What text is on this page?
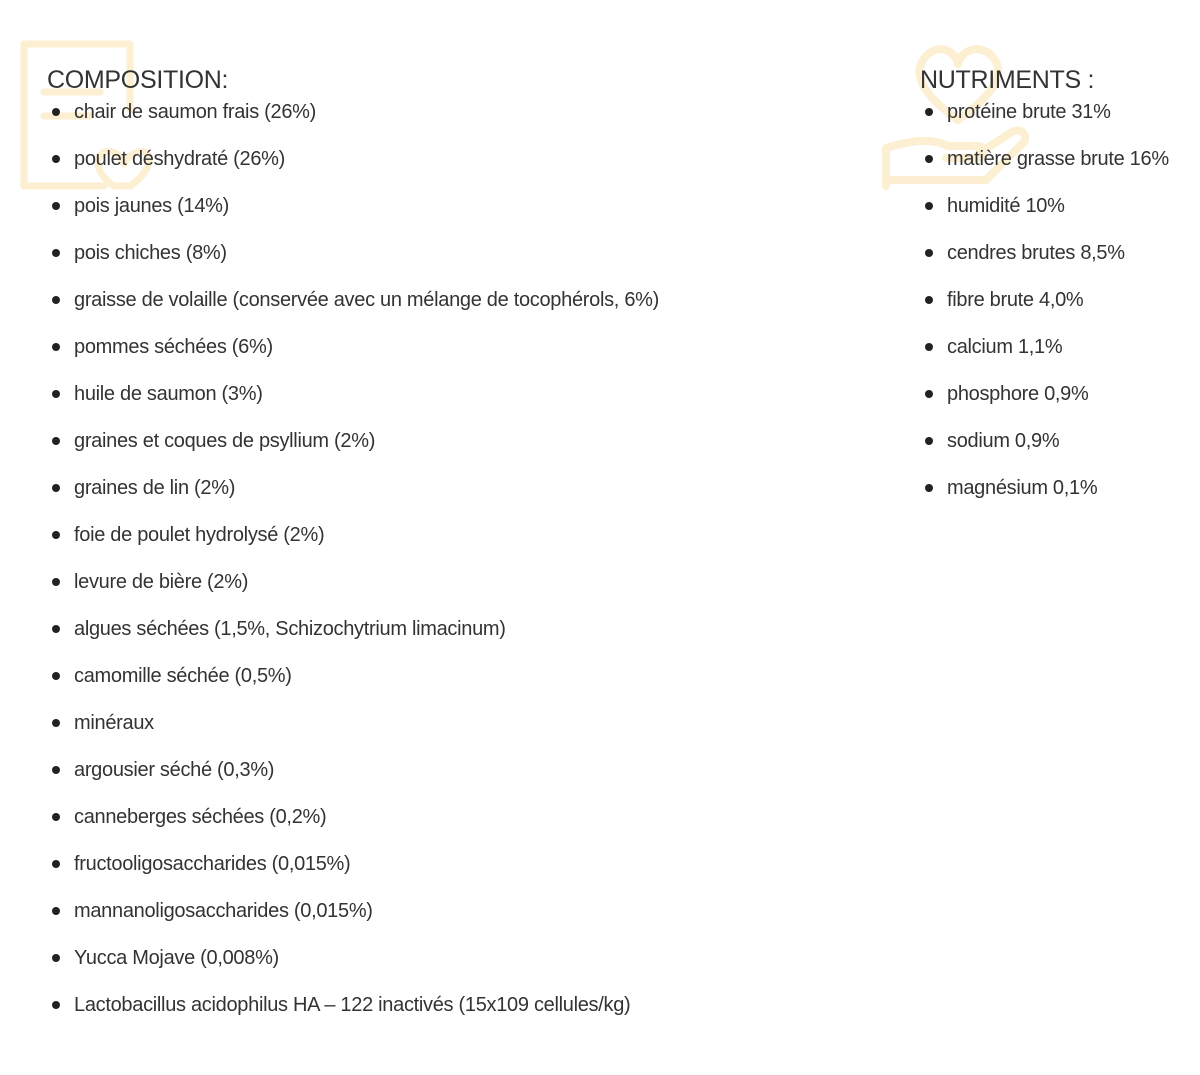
COMPOSITION:
chair de saumon frais (26%)
poulet déshydraté (26%)
pois jaunes (14%)
pois chiches (8%)
graisse de volaille (conservée avec un mélange de tocophérols, 6%)
pommes séchées (6%)
huile de saumon (3%)
graines et coques de psyllium (2%)
graines de lin (2%)
foie de poulet hydrolysé (2%)
levure de bière (2%)
algues séchées (1,5%, Schizochytrium limacinum)
camomille séchée (0,5%)
minéraux
argousier séché (0,3%)
canneberges séchées (0,2%)
fructooligosaccharides (0,015%)
mannanoligosaccharides (0,015%)
Yucca Mojave (0,008%)
Lactobacillus acidophilus HA – 122 inactivés (15x109 cellules/kg)
NUTRIMENTS :
protéine brute 31%
matière grasse brute 16%
humidité 10%
cendres brutes 8,5%
fibre brute 4,0%
calcium 1,1%
phosphore 0,9%
sodium 0,9%
magnésium 0,1%
